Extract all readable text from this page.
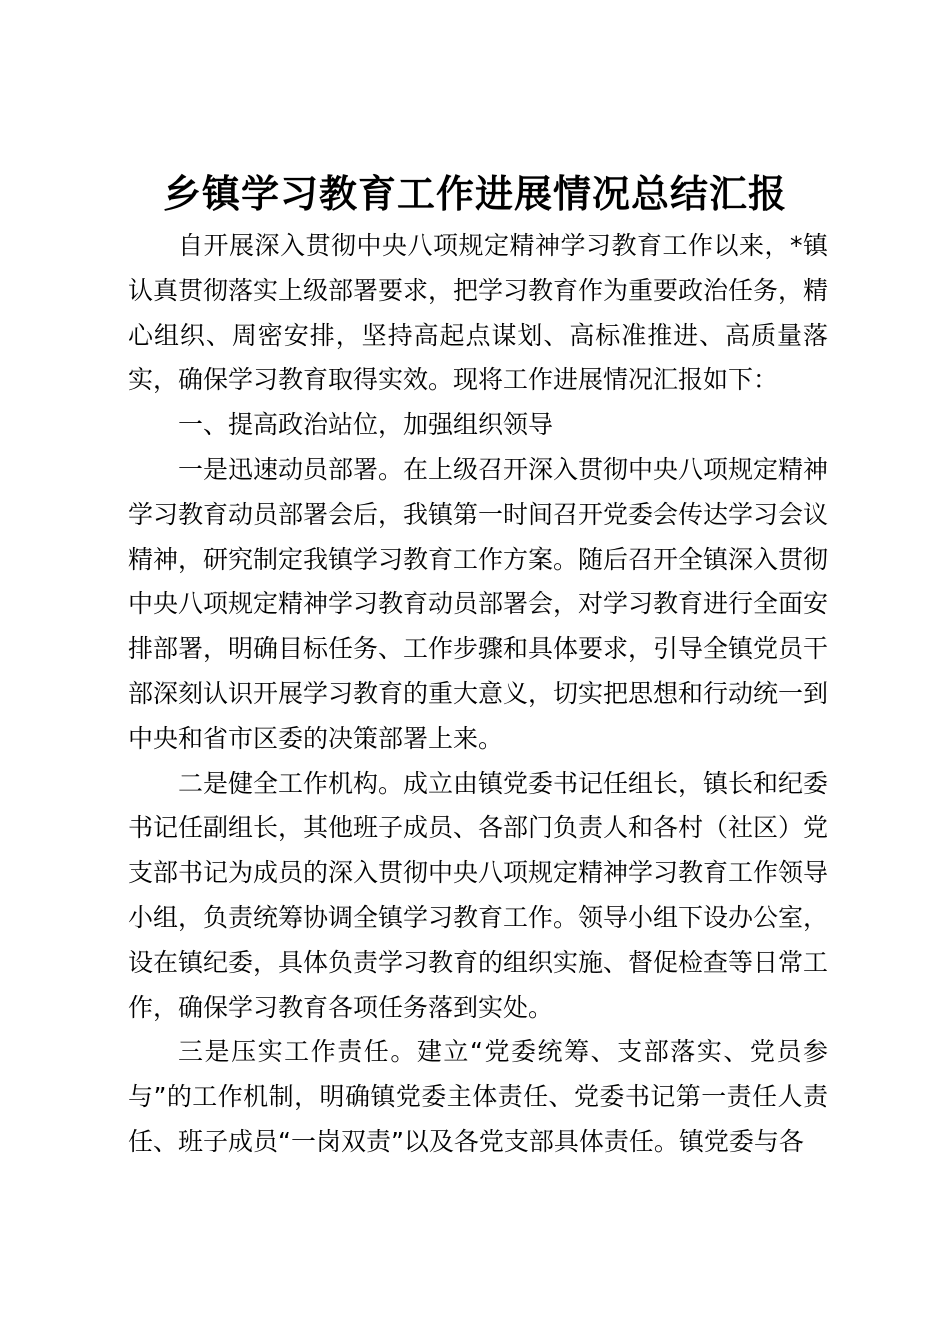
乡镇学习教育工作进展情况总结汇报

自开展深入贯彻中央八项规定精神学习教育工作以来，*镇认真贯彻落实上级部署要求，把学习教育作为重要政治任务，精心组织、周密安排，坚持高起点谋划、高标准推进、高质量落实，确保学习教育取得实效。现将工作进展情况汇报如下：

一、提高政治站位，加强组织领导

一是迅速动员部署。在上级召开深入贯彻中央八项规定精神学习教育动员部署会后，我镇第一时间召开党委会传达学习会议精神，研究制定我镇学习教育工作方案。随后召开全镇深入贯彻中央八项规定精神学习教育动员部署会，对学习教育进行全面安排部署，明确目标任务、工作步骤和具体要求，引导全镇党员干部深刻认识开展学习教育的重大意义，切实把思想和行动统一到中央和省市区委的决策部署上来。

二是健全工作机构。成立由镇党委书记任组长，镇长和纪委书记任副组长，其他班子成员、各部门负责人和各村（社区）党支部书记为成员的深入贯彻中央八项规定精神学习教育工作领导小组，负责统筹协调全镇学习教育工作。领导小组下设办公室，设在镇纪委，具体负责学习教育的组织实施、督促检查等日常工作，确保学习教育各项任务落到实处。

三是压实工作责任。建立“党委统筹、支部落实、党员参与”的工作机制，明确镇党委主体责任、党委书记第一责任人责任、班子成员“一岗双责”以及各党支部具体责任。镇党委与各
